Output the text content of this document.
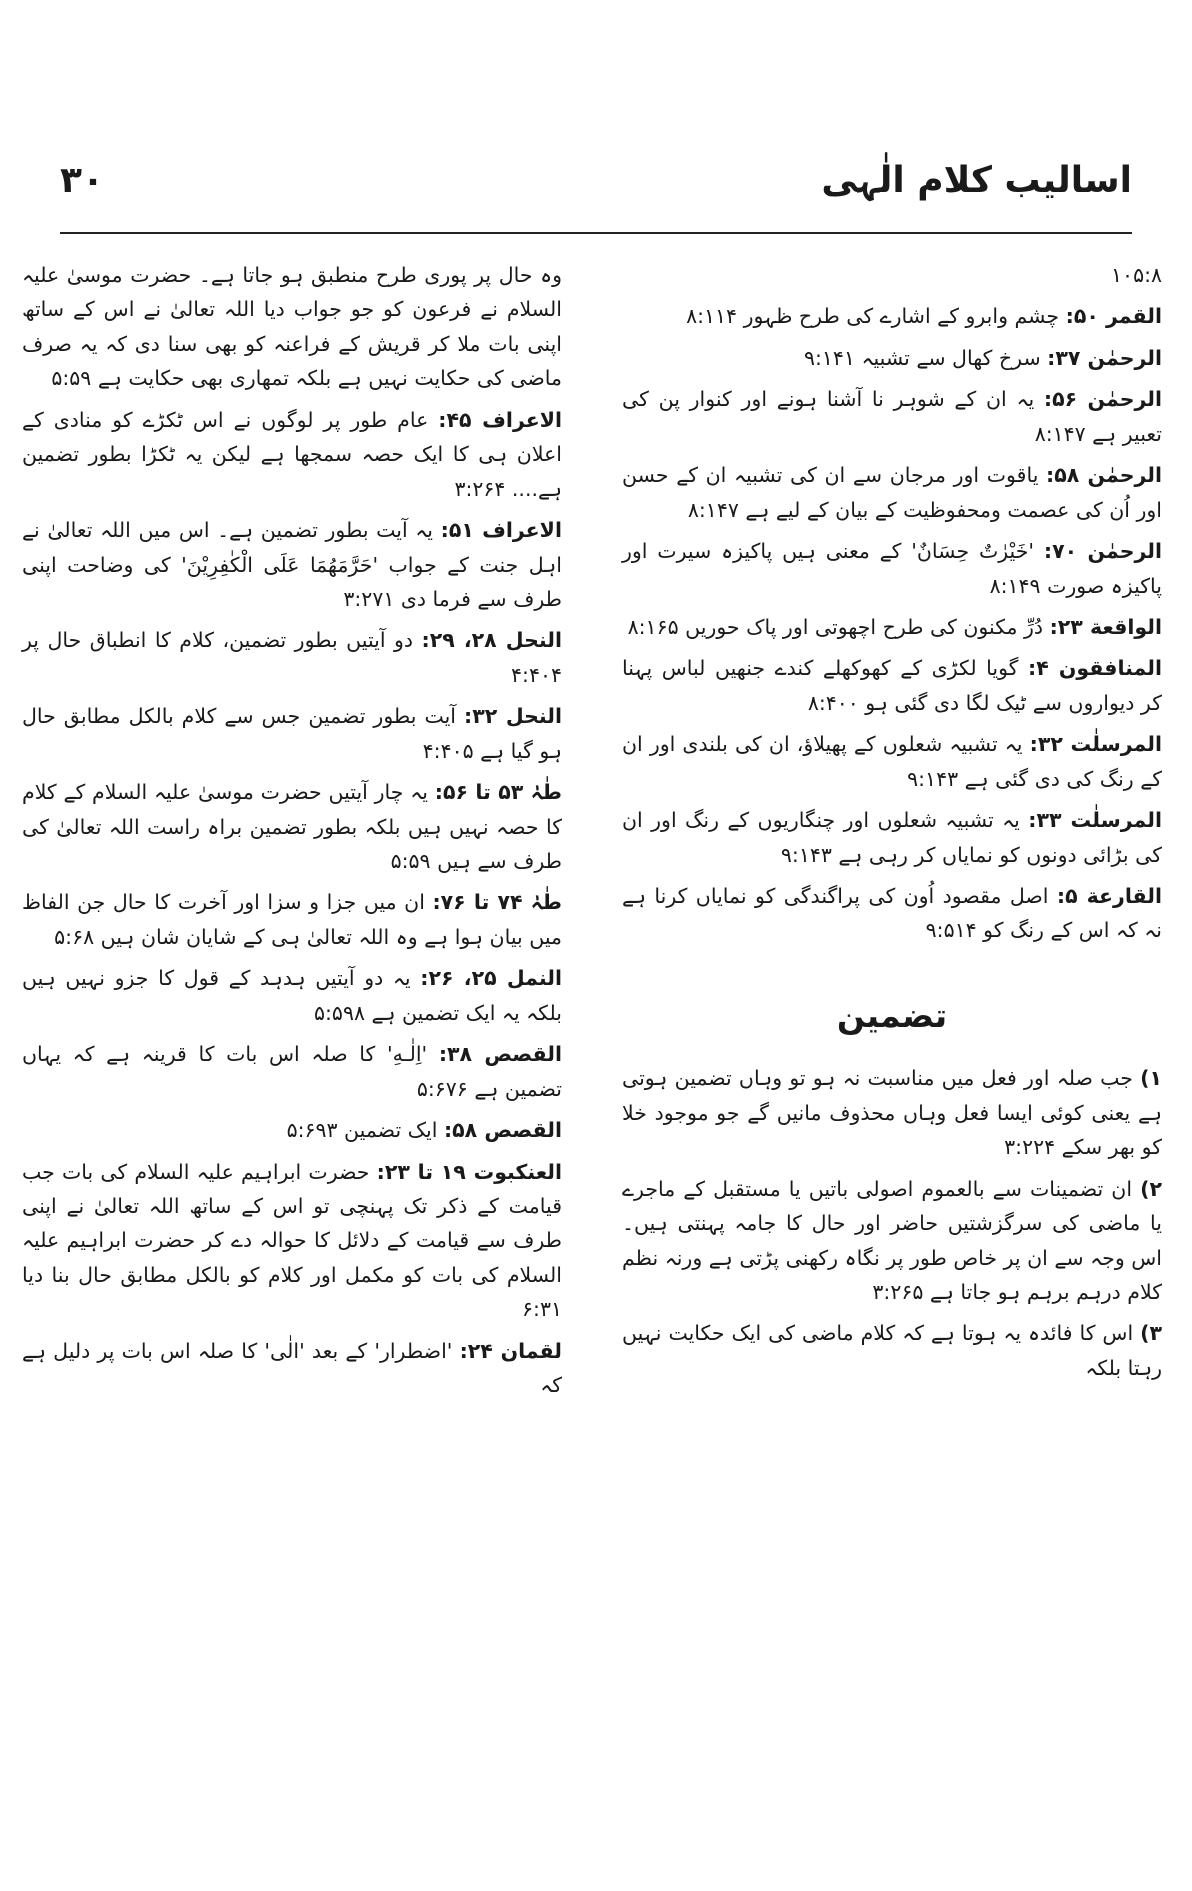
اسالیب کلام الٰہی
۳۰

۱۰۵:۸

القمر ۵۰: چشم وابرو کے اشارے کی طرح ظہور ۸:۱۱۴

الرحمٰن ۳۷: سرخ کھال سے تشبیہ ۹:۱۴۱

الرحمٰن ۵۶: یہ ان کے شوہر نا آشنا ہونے اور کنوار پن کی تعبیر ہے ۸:۱۴۷

الرحمٰن ۵۸: یاقوت اور مرجان سے ان کی تشبیہ ان کے حسن اور اُن کی عصمت ومحفوظیت کے بیان کے لیے ہے ۸:۱۴۷

الرحمٰن ۷۰: 'خَيْرٰتٌ حِسَانٌ' کے معنی ہیں پاکیزہ سیرت اور پاکیزہ صورت ۸:۱۴۹

الواقعة ۲۳: دُرِّ مکنون کی طرح اچھوتی اور پاک حوریں ۸:۱۶۵

المنافقون ۴: گویا لکڑی کے کھوکھلے کندے جنھیں لباس پہنا کر دیواروں سے ٹیک لگا دی گئی ہو ۸:۴۰۰

المرسلٰت ۳۲: یہ تشبیہ شعلوں کے پھیلاؤ، ان کی بلندی اور ان کے رنگ کی دی گئی ہے ۹:۱۴۳

المرسلٰت ۳۳: یہ تشبیہ شعلوں اور چنگاریوں کے رنگ اور ان کی بڑائی دونوں کو نمایاں کر رہی ہے ۹:۱۴۳

القارعة ۵: اصل مقصود اُون کی پراگندگی کو نمایاں کرنا ہے نہ کہ اس کے رنگ کو ۹:۵۱۴

تضمین

۱) جب صلہ اور فعل میں مناسبت نہ ہو تو وہاں تضمین ہوتی ہے یعنی کوئی ایسا فعل وہاں محذوف مانیں گے جو موجود خلا کو بھر سکے ۳:۲۲۴

۲) ان تضمینات سے بالعموم اصولی باتیں یا مستقبل کے ماجرے یا ماضی کی سرگزشتیں حاضر اور حال کا جامہ پہنتی ہیں۔ اس وجہ سے ان پر خاص طور پر نگاہ رکھنی پڑتی ہے ورنہ نظم کلام درہم برہم ہو جاتا ہے ۳:۲۶۵

۳) اس کا فائدہ یہ ہوتا ہے کہ کلام ماضی کی ایک حکایت نہیں رہتا بلکہ

وہ حال پر پوری طرح منطبق ہو جاتا ہے۔ حضرت موسیٰ علیہ السلام نے فرعون کو جو جواب دیا اللہ تعالیٰ نے اس کے ساتھ اپنی بات ملا کر قریش کے فراعنہ کو بھی سنا دی کہ یہ صرف ماضی کی حکایت نہیں ہے بلکہ تمھاری بھی حکایت ہے ۵:۵۹

الاعراف ۴۵: عام طور پر لوگوں نے اس ٹکڑے کو منادی کے اعلان ہی کا ایک حصہ سمجھا ہے لیکن یہ ٹکڑا بطور تضمین ہے.... ۳:۲۶۴

الاعراف ۵۱: یہ آیت بطور تضمین ہے۔ اس میں اللہ تعالیٰ نے اہل جنت کے جواب 'حَرَّمَهُمَا عَلَى الْكٰفِرِيْنَ' کی وضاحت اپنی طرف سے فرما دی ۳:۲۷۱

النحل ۲۸، ۲۹: دو آیتیں بطور تضمین، کلام کا انطباق حال پر ۴:۴۰۴

النحل ۳۲: آیت بطور تضمین جس سے کلام بالکل مطابق حال ہو گیا ہے ۴:۴۰۵

طٰہٰ ۵۳ تا ۵۶: یہ چار آیتیں حضرت موسیٰ علیہ السلام کے کلام کا حصہ نہیں ہیں بلکہ بطور تضمین براہ راست اللہ تعالیٰ کی طرف سے ہیں ۵:۵۹

طٰہٰ ۷۴ تا ۷۶: ان میں جزا و سزا اور آخرت کا حال جن الفاظ میں بیان ہوا ہے وہ اللہ تعالیٰ ہی کے شایان شان ہیں ۵:۶۸

النمل ۲۵، ۲۶: یہ دو آیتیں ہدہد کے قول کا جزو نہیں ہیں بلکہ یہ ایک تضمین ہے ۵:۵۹۸

القصص ۳۸: 'اِلٰـهِ' کا صلہ اس بات کا قرینہ ہے کہ یہاں تضمین ہے ۵:۶۷۶

القصص ۵۸: ایک تضمین ۵:۶۹۳

العنکبوت ۱۹ تا ۲۳: حضرت ابراہیم علیہ السلام کی بات جب قیامت کے ذکر تک پہنچی تو اس کے ساتھ اللہ تعالیٰ نے اپنی طرف سے قیامت کے دلائل کا حوالہ دے کر حضرت ابراہیم علیہ السلام کی بات کو مکمل اور کلام کو بالکل مطابق حال بنا دیا ۶:۳۱

لقمان ۲۴: 'اضطرار' کے بعد 'الٰی' کا صلہ اس بات پر دلیل ہے کہ
